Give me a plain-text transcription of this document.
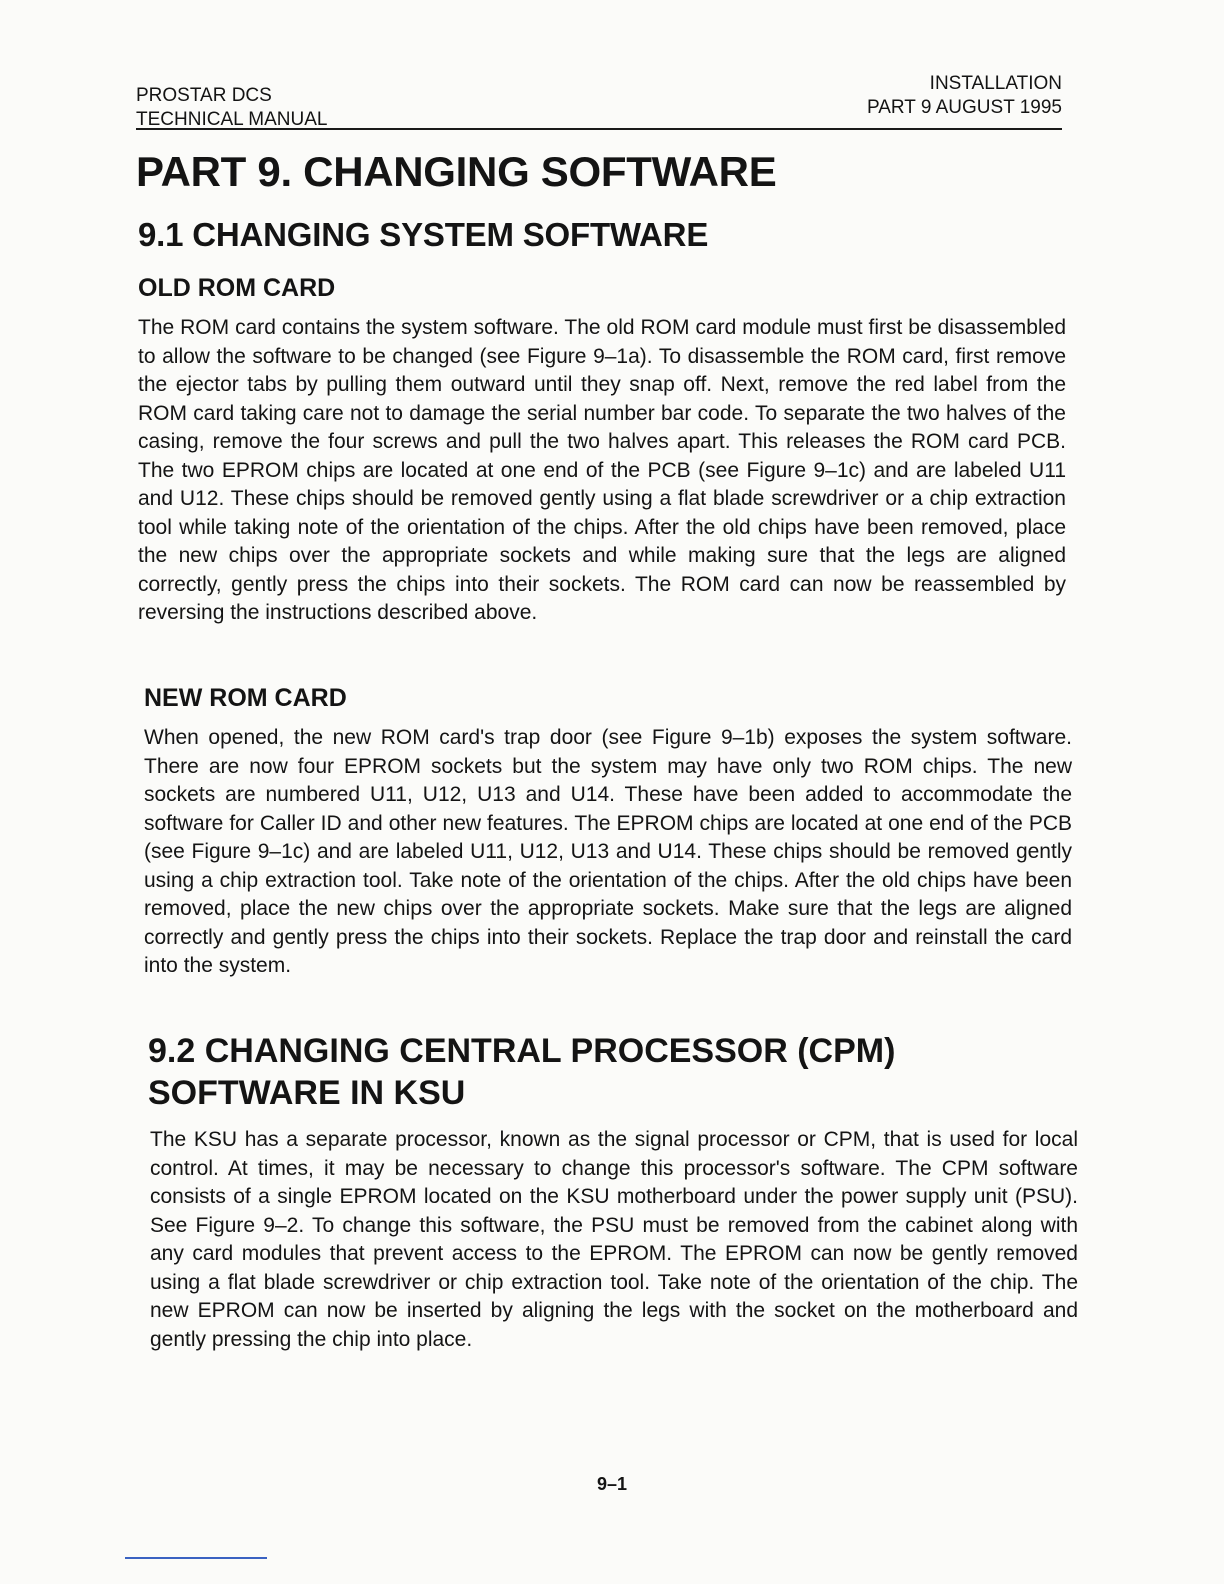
PROSTAR DCS
TECHNICAL MANUAL
INSTALLATION
PART 9 AUGUST 1995
PART 9. CHANGING SOFTWARE
9.1 CHANGING SYSTEM SOFTWARE
OLD ROM CARD
The ROM card contains the system software. The old ROM card module must first be disassembled to allow the software to be changed (see Figure 9–1a). To disassemble the ROM card, first remove the ejector tabs by pulling them outward until they snap off. Next, remove the red label from the ROM card taking care not to damage the serial number bar code. To separate the two halves of the casing, remove the four screws and pull the two halves apart. This releases the ROM card PCB. The two EPROM chips are located at one end of the PCB (see Figure 9–1c) and are labeled U11 and U12. These chips should be removed gently using a flat blade screwdriver or a chip extraction tool while taking note of the orientation of the chips. After the old chips have been removed, place the new chips over the appropriate sockets and while making sure that the legs are aligned correctly, gently press the chips into their sockets. The ROM card can now be reassembled by reversing the instructions described above.
NEW ROM CARD
When opened, the new ROM card's trap door (see Figure 9–1b) exposes the system software. There are now four EPROM sockets but the system may have only two ROM chips. The new sockets are numbered U11, U12, U13 and U14. These have been added to accommodate the software for Caller ID and other new features. The EPROM chips are located at one end of the PCB (see Figure 9–1c) and are labeled U11, U12, U13 and U14. These chips should be removed gently using a chip extraction tool. Take note of the orientation of the chips. After the old chips have been removed, place the new chips over the appropriate sockets. Make sure that the legs are aligned correctly and gently press the chips into their sockets. Replace the trap door and reinstall the card into the system.
9.2 CHANGING CENTRAL PROCESSOR (CPM)
SOFTWARE IN KSU
The KSU has a separate processor, known as the signal processor or CPM, that is used for local control. At times, it may be necessary to change this processor's software. The CPM software consists of a single EPROM located on the KSU motherboard under the power supply unit (PSU). See Figure 9–2. To change this software, the PSU must be removed from the cabinet along with any card modules that prevent access to the EPROM. The EPROM can now be gently removed using a flat blade screwdriver or chip extraction tool. Take note of the orientation of the chip. The new EPROM can now be inserted by aligning the legs with the socket on the motherboard and gently pressing the chip into place.
9–1
